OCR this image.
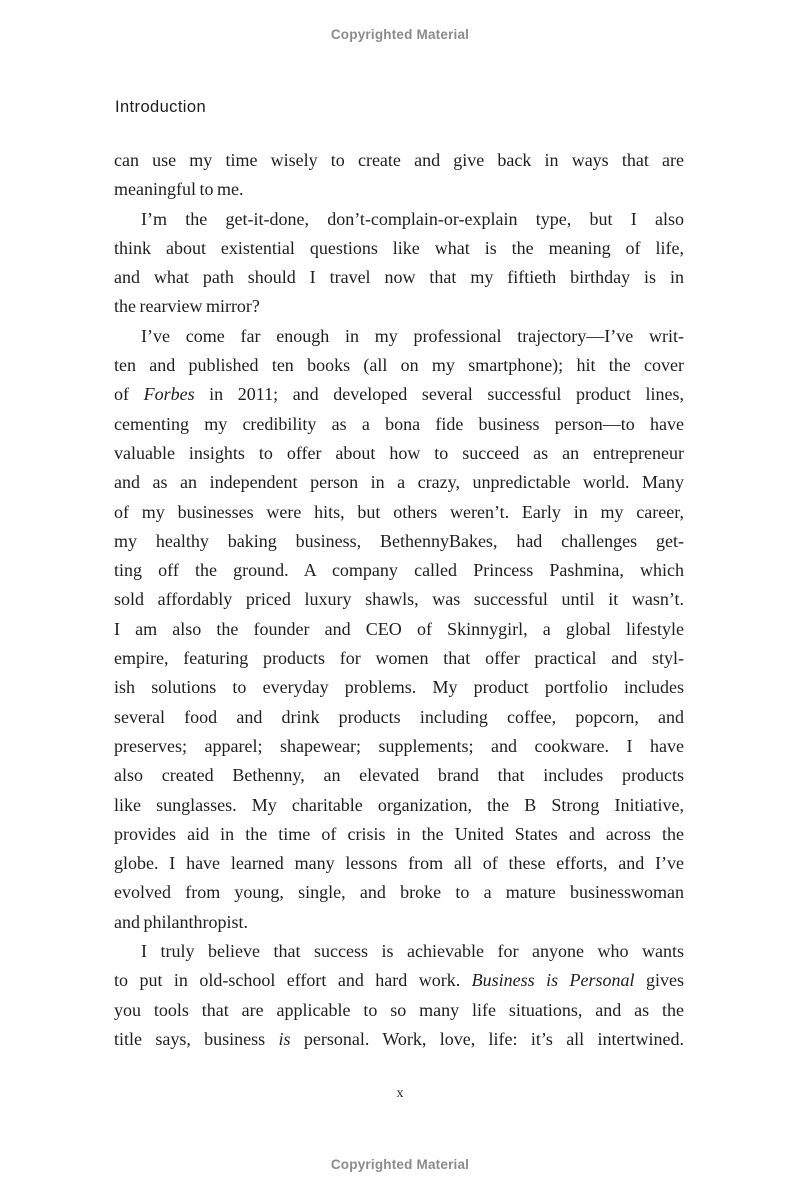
Copyrighted Material
Introduction
can use my time wisely to create and give back in ways that are
meaningful to me.
I’m the get-it-done, don’t-complain-or-explain type, but I also
think about existential questions like what is the meaning of life,
and what path should I travel now that my fiftieth birthday is in
the rearview mirror?
I’ve come far enough in my professional trajectory—I’ve writ-
ten and published ten books (all on my smartphone); hit the cover
of Forbes in 2011; and developed several successful product lines,
cementing my credibility as a bona fide business person—to have
valuable insights to offer about how to succeed as an entrepreneur
and as an independent person in a crazy, unpredictable world. Many
of my businesses were hits, but others weren’t. Early in my career,
my healthy baking business, BethennyBakes, had challenges get-
ting off the ground. A company called Princess Pashmina, which
sold affordably priced luxury shawls, was successful until it wasn’t.
I am also the founder and CEO of Skinnygirl, a global lifestyle
empire, featuring products for women that offer practical and styl-
ish solutions to everyday problems. My product portfolio includes
several food and drink products including coffee, popcorn, and
preserves; apparel; shapewear; supplements; and cookware. I have
also created Bethenny, an elevated brand that includes products
like sunglasses. My charitable organization, the B Strong Initiative,
provides aid in the time of crisis in the United States and across the
globe. I have learned many lessons from all of these efforts, and I’ve
evolved from young, single, and broke to a mature businesswoman
and philanthropist.
I truly believe that success is achievable for anyone who wants
to put in old-school effort and hard work. Business is Personal gives
you tools that are applicable to so many life situations, and as the
title says, business is personal. Work, love, life: it’s all intertwined.
x
Copyrighted Material
